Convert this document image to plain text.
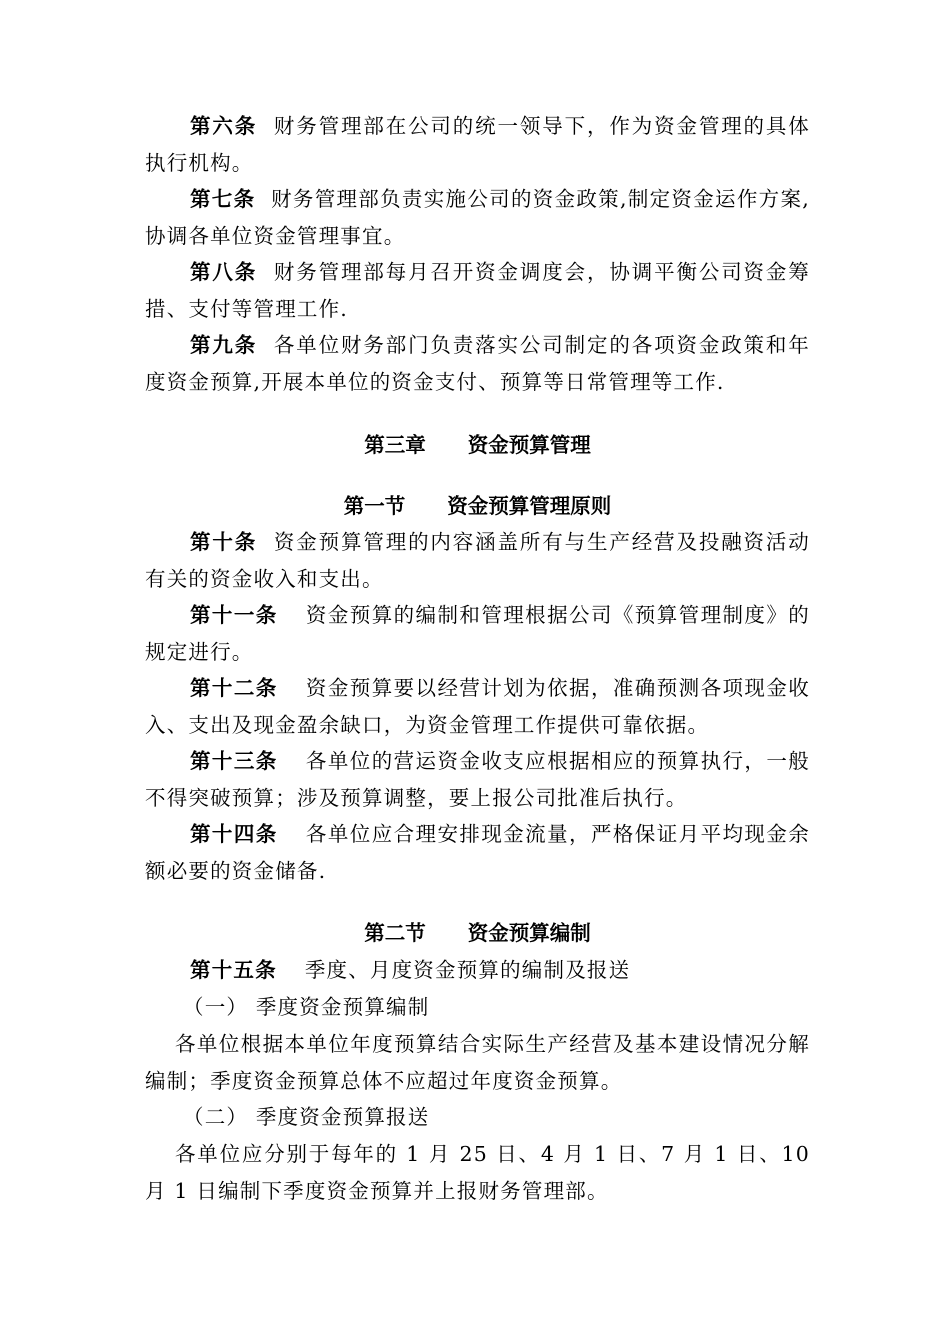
第六条 财务管理部在公司的统一领导下，作为资金管理的具体执行机构。
第七条 财务管理部负责实施公司的资金政策,制定资金运作方案,协调各单位资金管理事宜。
第八条 财务管理部每月召开资金调度会，协调平衡公司资金筹措、支付等管理工作.
第九条 各单位财务部门负责落实公司制定的各项资金政策和年度资金预算,开展本单位的资金支付、预算等日常管理等工作.
第三章 资金预算管理
第一节 资金预算管理原则
第十条 资金预算管理的内容涵盖所有与生产经营及投融资活动有关的资金收入和支出。
第十一条 资金预算的编制和管理根据公司《预算管理制度》的规定进行。
第十二条 资金预算要以经营计划为依据，准确预测各项现金收入、支出及现金盈余缺口，为资金管理工作提供可靠依据。
第十三条 各单位的营运资金收支应根据相应的预算执行，一般不得突破预算；涉及预算调整，要上报公司批准后执行。
第十四条 各单位应合理安排现金流量，严格保证月平均现金余额必要的资金储备.
第二节 资金预算编制
第十五条 季度、月度资金预算的编制及报送
（一） 季度资金预算编制
各单位根据本单位年度预算结合实际生产经营及基本建设情况分解编制；季度资金预算总体不应超过年度资金预算。
（二） 季度资金预算报送
各单位应分别于每年的 1 月 25 日、4 月 1 日、7 月 1 日、10 月 1 日编制下季度资金预算并上报财务管理部。
